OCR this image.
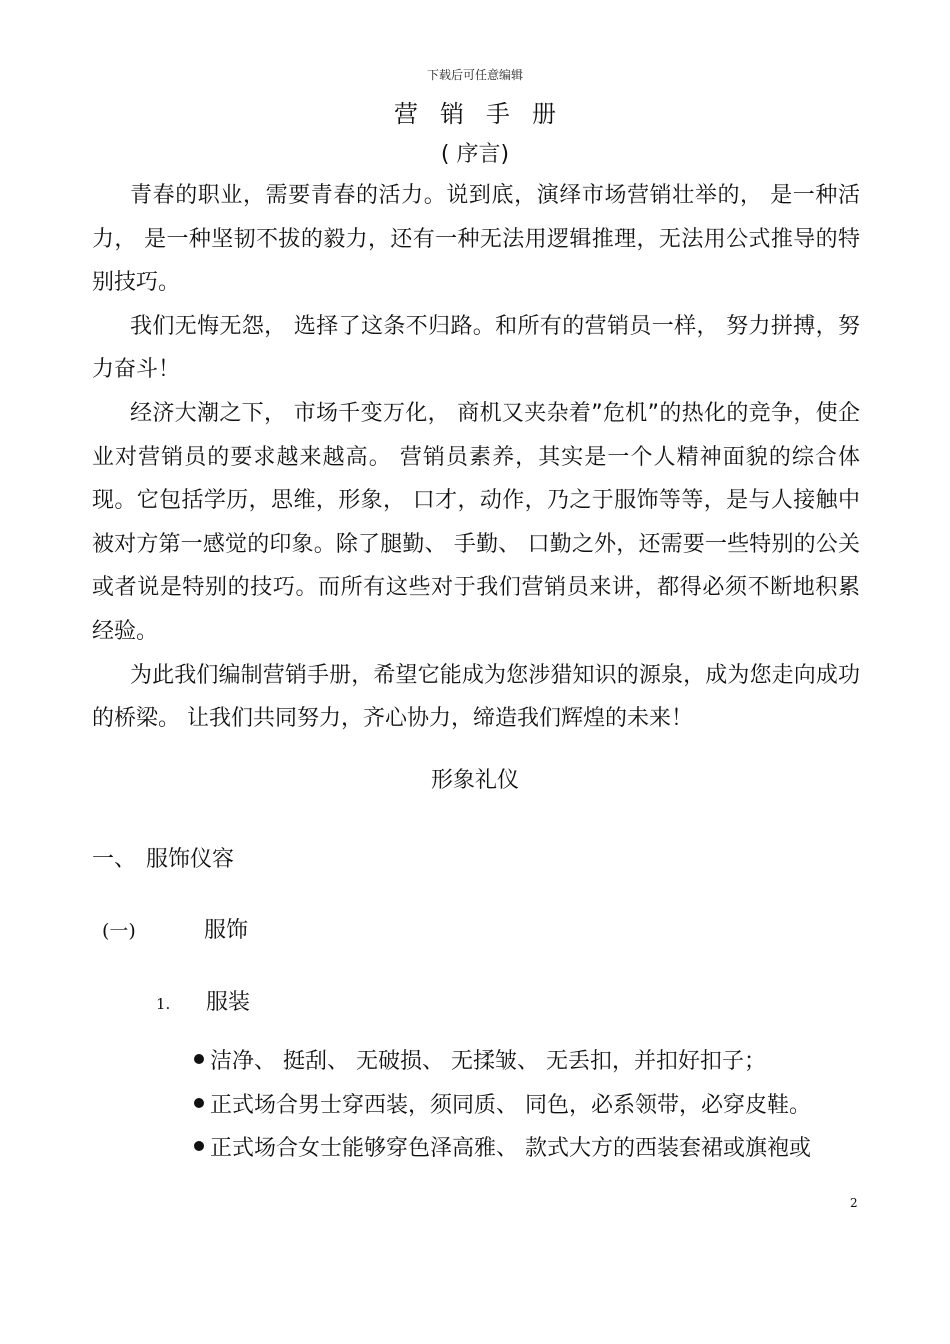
下载后可任意编辑
营销手册
( 序言)

青春的职业，需要青春的活力。说到底，演绎市场营销壮举的， 是一种活力， 是一种坚韧不拔的毅力，还有一种无法用逻辑推理，无法用公式推导的特别技巧。

我们无悔无怨， 选择了这条不归路。和所有的营销员一样， 努力拼搏，努力奋斗！

经济大潮之下， 市场千变万化， 商机又夹杂着”危机”的热化的竞争，使企业对营销员的要求越来越高。 营销员素养，其实是一个人精神面貌的综合体现。它包括学历，思维，形象， 口才，动作，乃之于服饰等等，是与人接触中被对方第一感觉的印象。除了腿勤、 手勤、 口勤之外，还需要一些特别的公关或者说是特别的技巧。而所有这些对于我们营销员来讲，都得必须不断地积累经验。

为此我们编制营销手册，希望它能成为您涉猎知识的源泉，成为您走向成功的桥梁。 让我们共同努力，齐心协力，缔造我们辉煌的未来！

形象礼仪
一、 服饰仪容
(一)	服饰
1. 服装
洁净、 挺刮、 无破损、 无揉皱、 无丢扣，并扣好扣子；
正式场合男士穿西装，须同质、 同色，必系领带，必穿皮鞋。
正式场合女士能够穿色泽高雅、 款式大方的西装套裙或旗袍或
2
